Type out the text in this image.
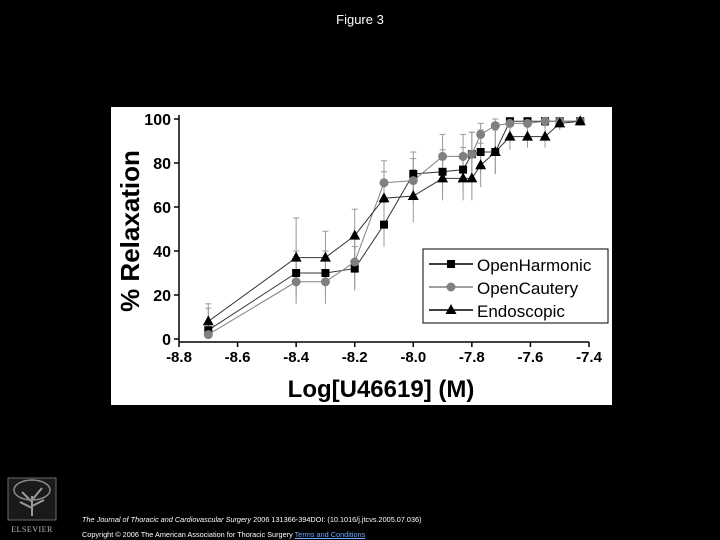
Figure 3
-8.8 -8.6 -8.4 -8.2 -8.0 -7.8 -7.6 -7.4
0
20
40
60
80
100
% Relaxation
Log[U46619] (M)
OpenHarmonic
OpenCautery
Endoscopic
ELSEVIER
The Journal of Thoracic and Cardiovascular Surgery 2006 131366-394DOI: (10.1016/j.jtcvs.2005.07.036)
Copyright © 2006 The American Association for Thoracic Surgery Terms and Conditions
